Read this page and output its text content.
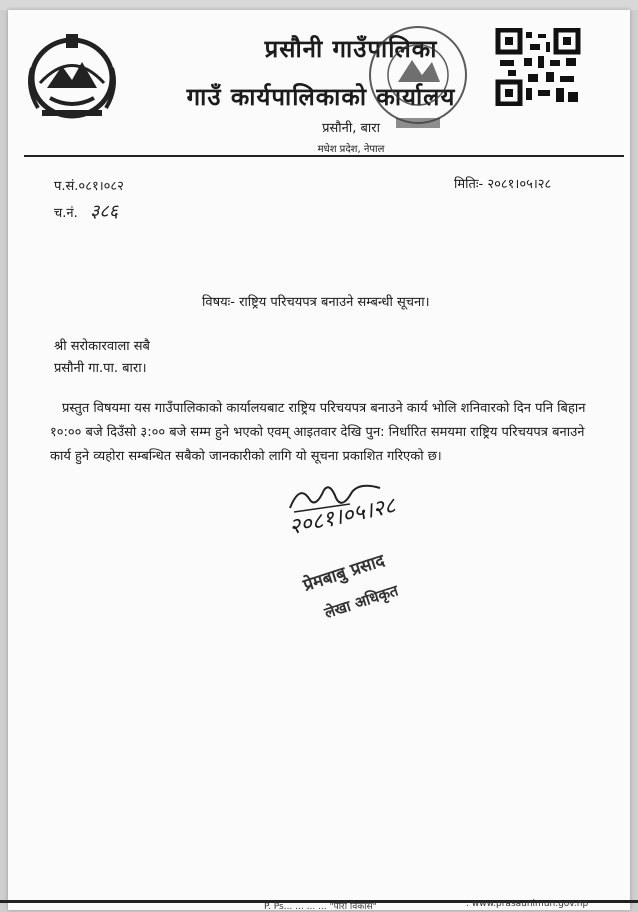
प्रसौनी गाउँपालिका
गाउँ कार्यपालिकाको कार्यालय
प्रसौनी, बारा
मधेश प्रदेश, नेपाल
प.सं.०८१।०८२	मितिः- २०८१।०५।२८
च.नं. ३८६
विषयः- राष्ट्रिय परिचयपत्र बनाउने सम्बन्धी सूचना।
श्री सरोकारवाला सबै
प्रसौनी गा.पा. बारा।
प्रस्तुत विषयमा यस गाउँपालिकाको कार्यालयबाट राष्ट्रिय परिचयपत्र बनाउने कार्य भोलि शनिवारको दिन पनि बिहान १०:०० बजे दिउँसो ३:०० बजे सम्म हुने भएको एवम् आइतवार देखि पुन: निर्धारित समयमा राष्ट्रिय परिचयपत्र बनाउने कार्य हुने व्यहोरा सम्बन्धित सबैको जानकारीको लागि यो सूचना प्रकाशित गरिएको छ।
२०८१।०५।२८
प्रेमबाबु प्रसाद
लेखा अधिकृत
P. Ps... ... ... ... "पीरो विकास"	: www.prasaunimun.gov.np
